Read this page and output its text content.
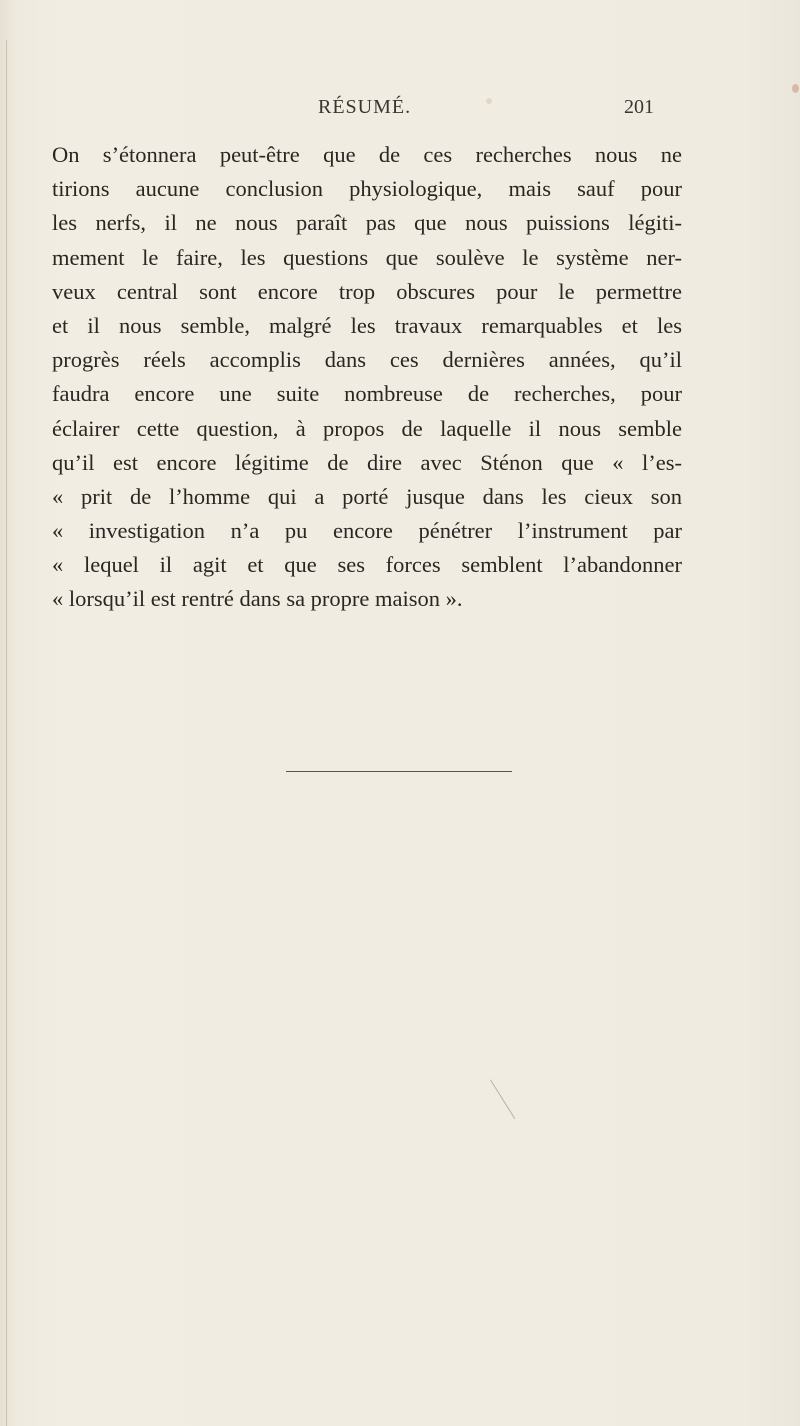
RÉSUMÉ.	201
On s’étonnera peut-être que de ces recherches nous ne
tirions aucune conclusion physiologique, mais sauf pour
les nerfs, il ne nous paraît pas que nous puissions légiti-
mement le faire, les questions que soulève le système ner-
veux central sont encore trop obscures pour le permettre
et il nous semble, malgré les travaux remarquables et les
progrès réels accomplis dans ces dernières années, qu’il
faudra encore une suite nombreuse de recherches, pour
éclairer cette question, à propos de laquelle il nous semble
qu’il est encore légitime de dire avec Sténon que « l’es-
« prit de l’homme qui a porté jusque dans les cieux son
« investigation n’a pu encore pénétrer l’instrument par
« lequel il agit et que ses forces semblent l’abandonner
« lorsqu’il est rentré dans sa propre maison ».
